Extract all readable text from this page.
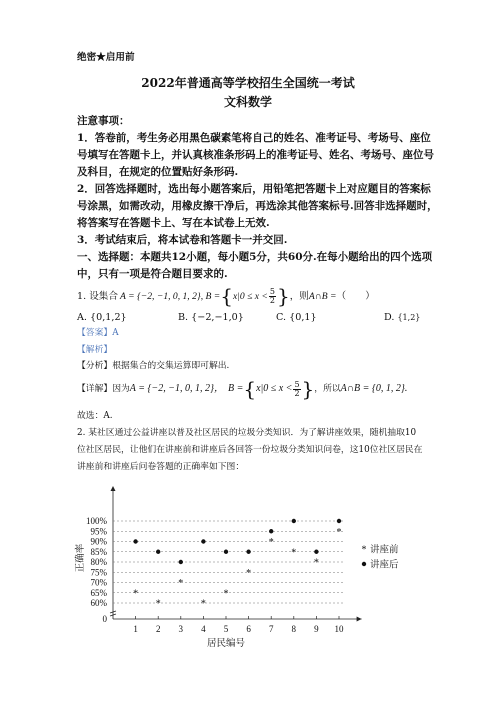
绝密★启用前
2022年普通高等学校招生全国统一考试
文科数学
注意事项：
1．答卷前，考生务必用黑色碳素笔将自己的姓名、准考证号、考场号、座位
号填写在答题卡上，并认真核准条形码上的准考证号、姓名、考场号、座位号
及科目，在规定的位置贴好条形码.
2．回答选择题时，选出每小题答案后，用铅笔把答题卡上对应题目的答案标
号涂黑，如需改动，用橡皮擦干净后，再选涂其他答案标号.回答非选择题时，
将答案写在答题卡上、写在本试卷上无效.
3．考试结束后，将本试卷和答题卡一并交回.
一、选择题：本题共12小题，每小题5分，共60分.在每小题给出的四个选项
中，只有一项是符合题目要求的.
1. 设集合 A = {−2, −1, 0, 1, 2}, B = { $x|0 \le x < \frac{5}{2}$ } ，则 A∩B = （　　）
A. {0,1,2}	B. {−2,−1,0}	C. {0,1}	D. {1,2}
【答案】A
【解析】
【分析】根据集合的交集运算即可解出.
【详解】因为 A = {−2, −1, 0, 1, 2}， B = { $x|0 \le x < \frac{5}{2}$ } ，所以 A∩B = {0, 1, 2}.
故选：A.
2. 某社区通过公益讲座以普及社区居民的垃圾分类知识．为了解讲座效果，随机抽取10
位社区居民，让他们在讲座前和讲座后各回答一份垃圾分类知识问卷，这10位社区居民在
讲座前和讲座后问卷答题的正确率如下图：
0
60%
65%
70%
75%
80%
85%
90%
95%
100%
1 2 3 4 5 6 7 8 9 10
居民编号
正确率
*
*
*
*
*
*
*
*
*
*
* 讲座前
讲座后
